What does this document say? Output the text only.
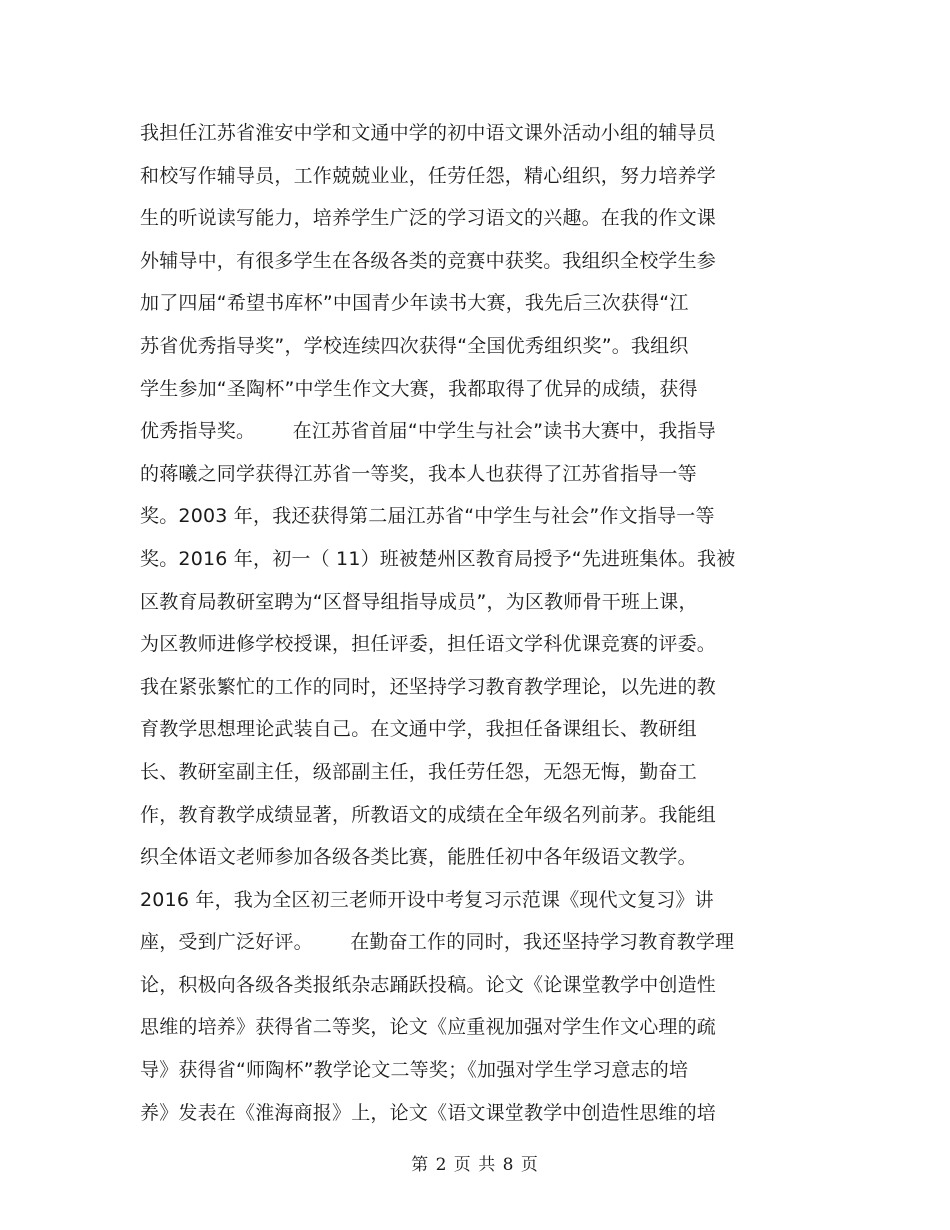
我担任江苏省淮安中学和文通中学的初中语文课外活动小组的辅导员
和校写作辅导员，工作兢兢业业，任劳任怨，精心组织，努力培养学
生的听说读写能力，培养学生广泛的学习语文的兴趣。在我的作文课
外辅导中，有很多学生在各级各类的竞赛中获奖。我组织全校学生参
加了四届“希望书库杯”中国青少年读书大赛，我先后三次获得“江
苏省优秀指导奖”，学校连续四次获得“全国优秀组织奖”。我组织
学生参加“圣陶杯”中学生作文大赛，我都取得了优异的成绩，获得
优秀指导奖。      在江苏省首届“中学生与社会”读书大赛中，我指导
的蒋曦之同学获得江苏省一等奖，我本人也获得了江苏省指导一等
奖。2003 年，我还获得第二届江苏省“中学生与社会”作文指导一等
奖。2016 年，初一（ 11）班被楚州区教育局授予“先进班集体。我被
区教育局教研室聘为“区督导组指导成员”，为区教师骨干班上课，
为区教师进修学校授课，担任评委，担任语文学科优课竞赛的评委。
我在紧张繁忙的工作的同时，还坚持学习教育教学理论，以先进的教
育教学思想理论武装自己。在文通中学，我担任备课组长、教研组
长、教研室副主任，级部副主任，我任劳任怨，无怨无悔，勤奋工
作，教育教学成绩显著，所教语文的成绩在全年级名列前茅。我能组
织全体语文老师参加各级各类比赛，能胜任初中各年级语文教学。
2016 年，我为全区初三老师开设中考复习示范课《现代文复习》讲
座，受到广泛好评。      在勤奋工作的同时，我还坚持学习教育教学理
论，积极向各级各类报纸杂志踊跃投稿。论文《论课堂教学中创造性
思维的培养》获得省二等奖，论文《应重视加强对学生作文心理的疏
导》获得省“师陶杯”教学论文二等奖；《加强对学生学习意志的培
养》发表在《淮海商报》上，论文《语文课堂教学中创造性思维的培
第 2 页 共 8 页
